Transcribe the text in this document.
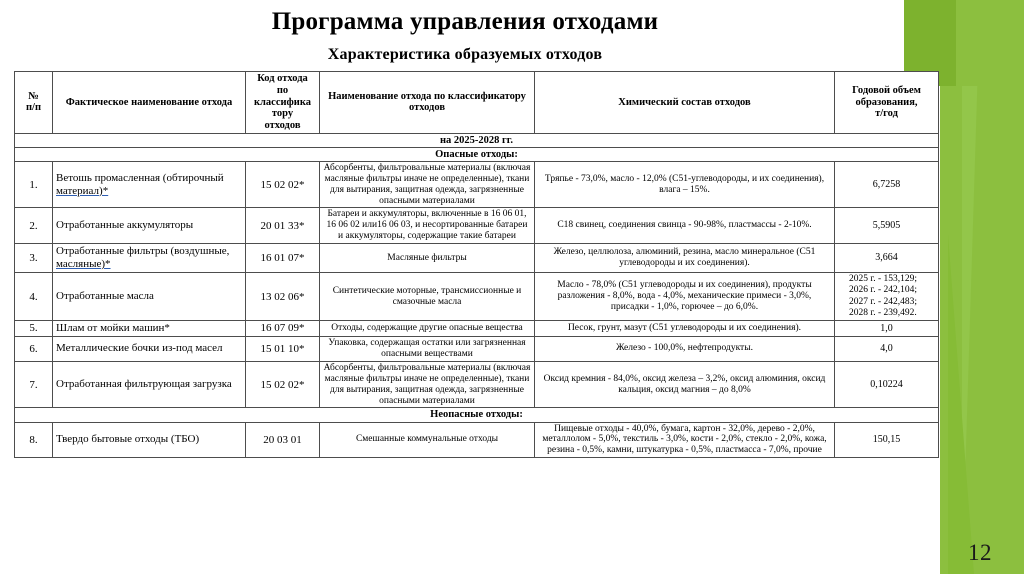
12
Программа управления отходами
Характеристика образуемых отходов
№
п/п	Фактическое наименование отхода	Код отхода
по
классифика
тору
отходов	Наименование отхода по классификатору отходов	Химический состав отходов	Годовой объем
образования,
т/год
на 2025-2028 гг.					
Опасные отходы:					
1.	Ветошь промасленная (обтирочный материал)*	15 02 02*	Абсорбенты, фильтровальные материалы (включая масляные фильтры иначе не определенные), ткани для вытирания, защитная одежда, загрязненные опасными материалами	Тряпье - 73,0%, масло - 12,0% (С51-углеводороды, и их соединения), влага – 15%.	6,7258
2.	Отработанные аккумуляторы	20 01 33*	Батареи и аккумуляторы, включенные в 16 06 01, 16 06 02 или16 06 03, и несортированные батареи и аккумуляторы, содержащие такие батареи	С18 свинец, соединения свинца - 90-98%, пластмассы - 2-10%.	5,5905
3.	Отработанные фильтры (воздушные, масляные)*	16 01 07*	Масляные фильтры	Железо, целлюлоза, алюминий, резина, масло минеральное (С51 углеводороды и их соединения).	3,664
4.	Отработанные масла	13 02 06*	Синтетические моторные, трансмиссионные и смазочные масла	Масло - 78,0% (С51 углеводороды и их соединения), продукты разложения - 8,0%, вода - 4,0%, механические примеси - 3,0%, присадки - 1,0%, горючее – до 6,0%.	2025 г. - 153,129;
2026 г. - 242,104;
2027 г. - 242,483;
2028 г. - 239,492.

5.	Шлам от мойки машин*	16 07 09*	Отходы, содержащие другие опасные вещества	Песок, грунт, мазут (С51 углеводороды и их соединения).	1,0
6.	Металлические бочки из-под масел	15 01 10*	Упаковка, содержащая остатки или загрязненная опасными веществами	Железо - 100,0%, нефтепродукты.	4,0
7.	Отработанная фильтрующая загрузка	15 02 02*	Абсорбенты, фильтровальные материалы (включая масляные фильтры иначе не определенные), ткани для вытирания, защитная одежда, загрязненные опасными материалами	Оксид кремния - 84,0%, оксид железа – 3,2%, оксид алюминия, оксид кальция, оксид магния – до 8,0%	0,10224
Неопасные отходы:					
8.	Твердо бытовые отходы (ТБО)	20 03 01	Смешанные коммунальные отходы	Пищевые отходы - 40,0%, бумага, картон - 32,0%, дерево - 2,0%, металлолом - 5,0%, текстиль - 3,0%, кости - 2,0%, стекло - 2,0%, кожа, резина - 0,5%, камни, штукатурка - 0,5%, пластмасса - 7,0%, прочие	150,15
